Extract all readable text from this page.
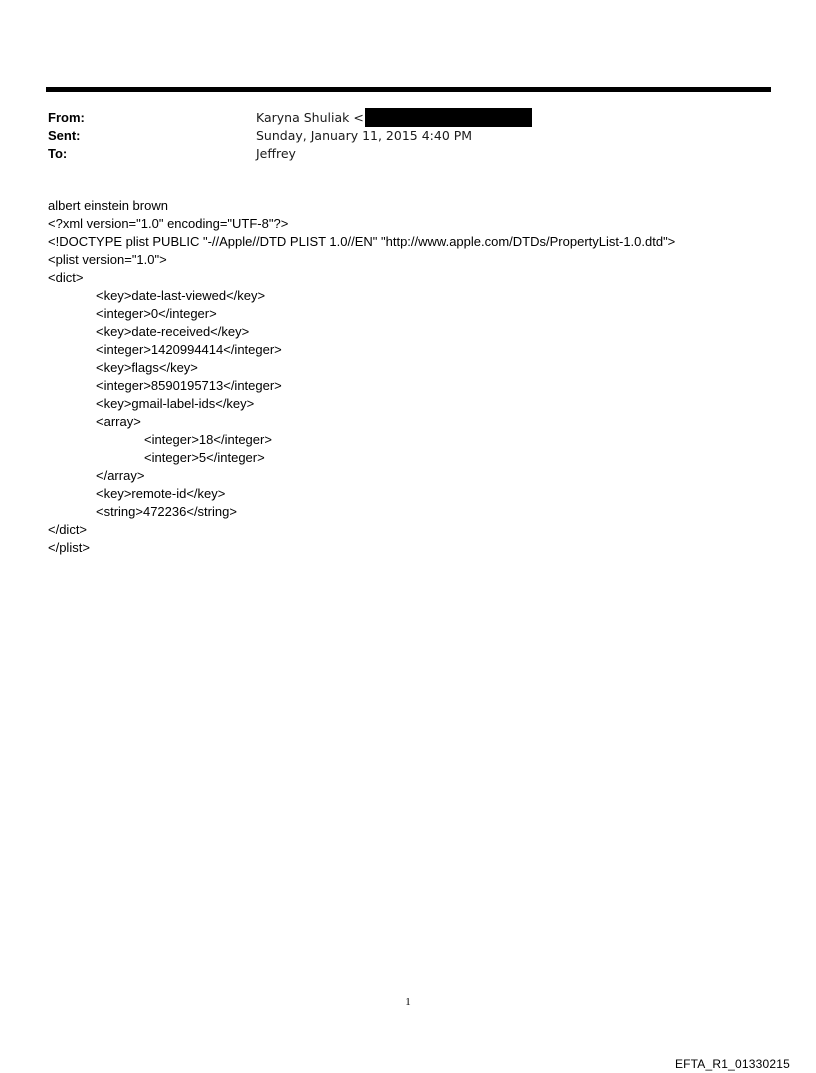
From:	Karyna Shuliak <
Sent:	Sunday, January 11, 2015 4:40 PM
To:	Jeffrey
albert einstein brown
<?xml version="1.0" encoding="UTF-8"?>
<!DOCTYPE plist PUBLIC "-//Apple//DTD PLIST 1.0//EN" "http://www.apple.com/DTDs/PropertyList-1.0.dtd">
<plist version="1.0">
<dict>
<key>date-last-viewed</key>
<integer>0</integer>
<key>date-received</key>
<integer>1420994414</integer>
<key>flags</key>
<integer>8590195713</integer>
<key>gmail-label-ids</key>
<array>
<integer>18</integer>
<integer>5</integer>
</array>
<key>remote-id</key>
<string>472236</string>
</dict>
</plist>
1
EFTA_R1_01330215
